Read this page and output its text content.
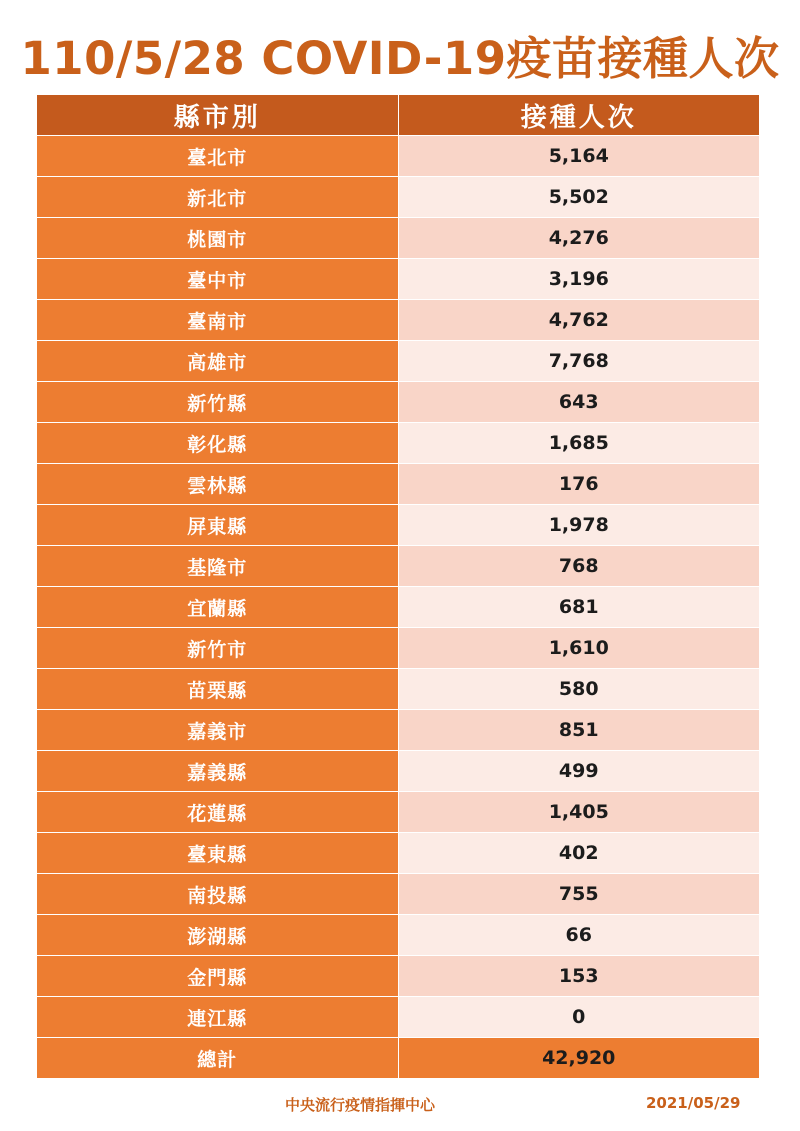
110/5/28 COVID-19疫苗接種人次
縣市別	接種人次
臺北市	5,164
新北市	5,502
桃園市	4,276
臺中市	3,196
臺南市	4,762
高雄市	7,768
新竹縣	643
彰化縣	1,685
雲林縣	176
屏東縣	1,978
基隆市	768
宜蘭縣	681
新竹市	1,610
苗栗縣	580
嘉義市	851
嘉義縣	499
花蓮縣	1,405
臺東縣	402
南投縣	755
澎湖縣	66
金門縣	153
連江縣	0
總計	42,920
中央流行疫情指揮中心	2021/05/29
